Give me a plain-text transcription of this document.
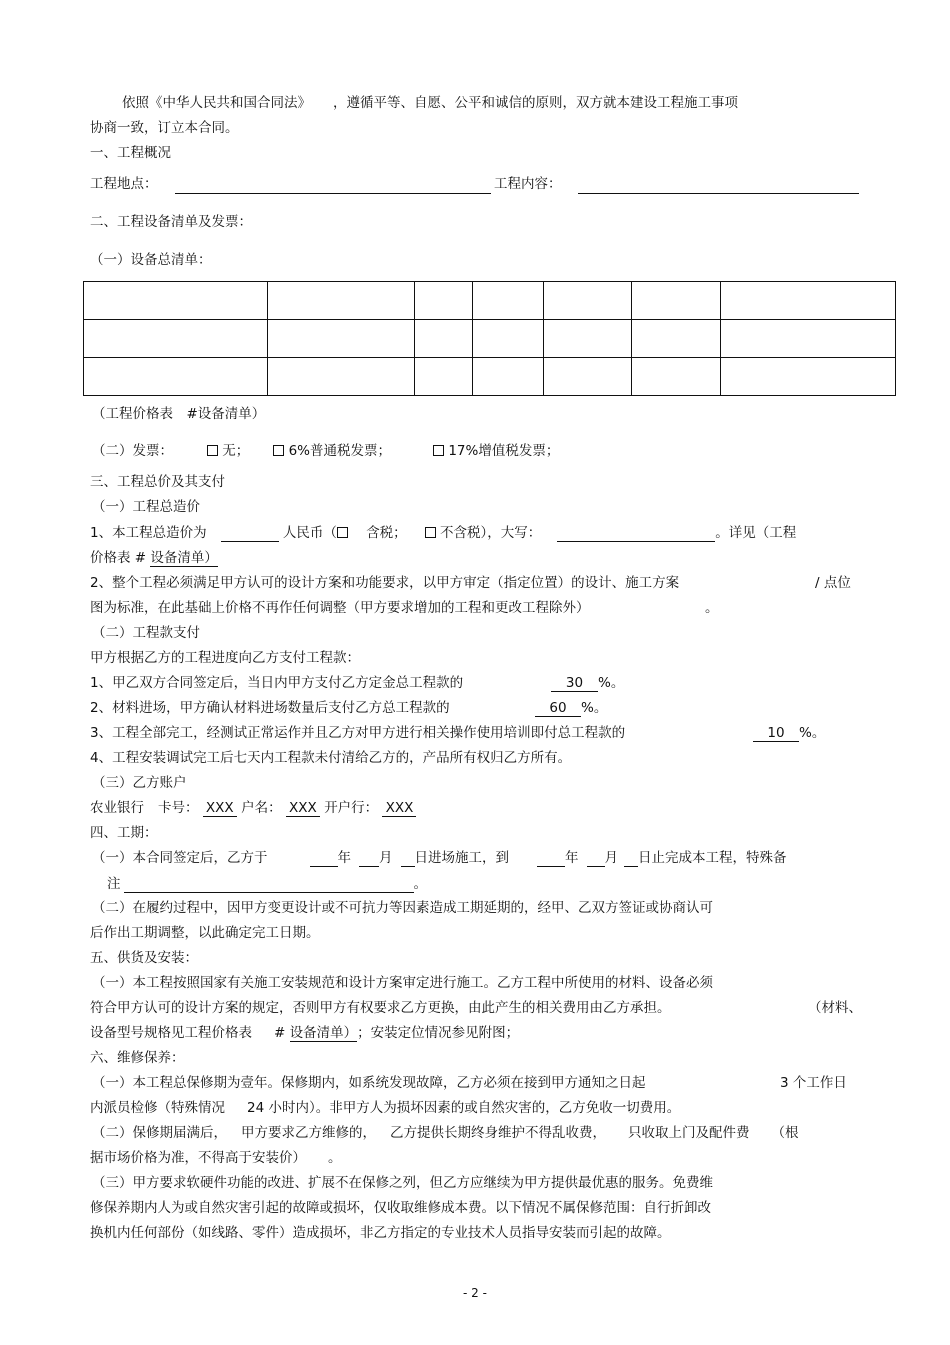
依照《中华人民共和国合同法》 ，遵循平等、自愿、公平和诚信的原则，双方就本建设工程施工事项
协商一致，订立本合同。
一、工程概况
工程地点：	工程内容：
二、工程设备清单及发票：
（一）设备总清单：

（工程价格表　#设备清单）
（二）发票：	无；	6%普通税发票；	17%增值税发票；
三、工程总价及其支付
（一）工程总造价
1、本工程总造价为	人民币（ 含税； 不含税），大写：	。详见（工程
价格表 # 设备清单）
2、整个工程必须满足甲方认可的设计方案和功能要求，以甲方审定（指定位置）的设计、施工方案	/ 点位
图为标准，在此基础上价格不再作任何调整（甲方要求增加的工程和更改工程除外）	。
（二）工程款支付
甲方根据乙方的工程进度向乙方支付工程款：
1、甲乙双方合同签定后，当日内甲方支付乙方定金总工程款的	30 %。
2、材料进场，甲方确认材料进场数量后支付乙方总工程款的	60 %。
3、工程全部完工，经测试正常运作并且乙方对甲方进行相关操作使用培训即付总工程款的	10 %。
4、工程安装调试完工后七天内工程款未付清给乙方的，产品所有权归乙方所有。
（三）乙方账户
农业银行 卡号： XXX 户名： XXX 开户行： XXX
四、工期：
（一）本合同签定后，乙方于	年 月 日进场施工，到	年 月 日止完成本工程，特殊备
注	。
（二）在履约过程中，因甲方变更设计或不可抗力等因素造成工期延期的，经甲、乙双方签证或协商认可
后作出工期调整，以此确定完工日期。
五、供货及安装：
（一）本工程按照国家有关施工安装规范和设计方案审定进行施工。乙方工程中所使用的材料、设备必须
符合甲方认可的设计方案的规定，否则甲方有权要求乙方更换，由此产生的相关费用由乙方承担。	（材料、
设备型号规格见工程价格表 # 设备清单）；安装定位情况参见附图；
六、维修保养：
（一）本工程总保修期为壹年。保修期内，如系统发现故障，乙方必须在接到甲方通知之日起	3 个工作日
内派员检修（特殊情况 24 小时内）。非甲方人为损坏因素的或自然灾害的，乙方免收一切费用。
（二）保修期届满后， 甲方要求乙方维修的， 乙方提供长期终身维护不得乱收费， 只收取上门及配件费 （根
据市场价格为准，不得高于安装价） 。
（三）甲方要求软硬件功能的改进、扩展不在保修之列，但乙方应继续为甲方提供最优惠的服务。免费维
修保养期内人为或自然灾害引起的故障或损坏，仅收取维修成本费。以下情况不属保修范围：自行折卸改
换机内任何部份（如线路、零件）造成损坏，非乙方指定的专业技术人员指导安装而引起的故障。
- 2 -
